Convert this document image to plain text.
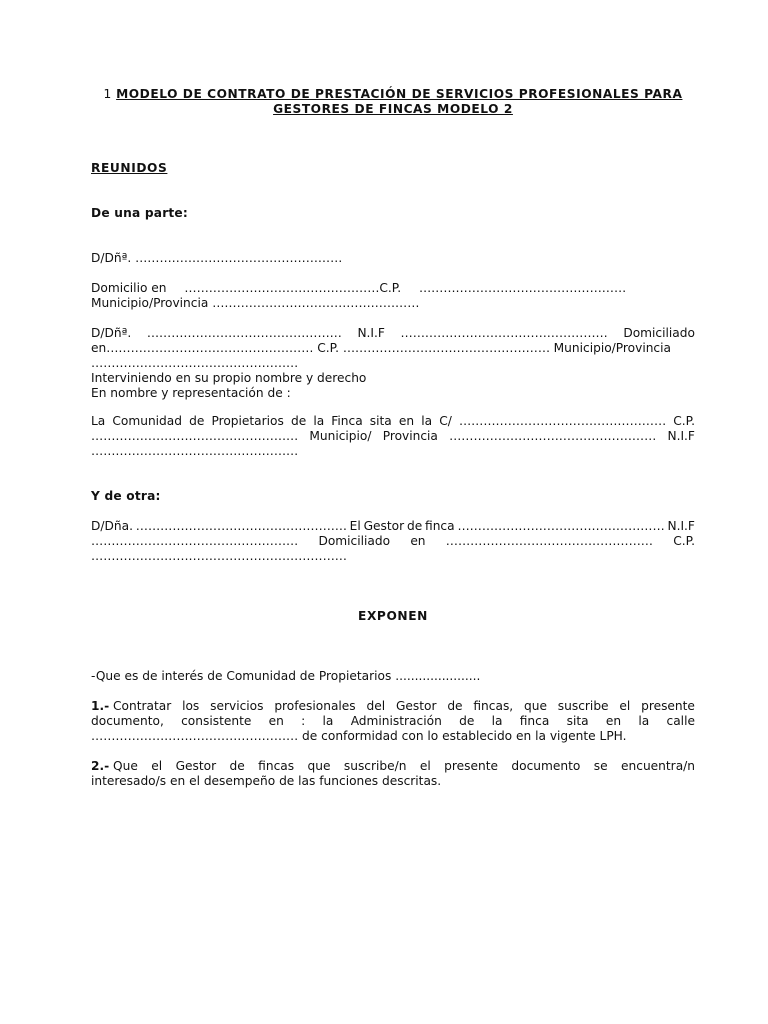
1 MODELO DE CONTRATO DE PRESTACIÓN DE SERVICIOS PROFESIONALES PARA
GESTORES DE FINCAS MODELO 2
REUNIDOS
De una parte:
D/Dñª. ……………………………………………
Domicilio en …………………………………………C.P. ……………………………………………
Municipio/Provincia ……………………………………………
D/Dñª. ………………………………………… N.I.F …………………………………………… Domiciliado
en…………………………………………… C.P. …………………………………………… Municipio/Provincia
……………………………………………
Interviniendo en su propio nombre y derecho
En nombre y representación de :
La Comunidad de Propietarios de la Finca sita en la C/ …………………………………………… C.P.
…………………………………………… Municipio/ Provincia …………………………………………… N.I.F
……………………………………………
Y de otra:
D/Dña. ……………………………………………. El Gestor de finca …………………………………………… N.I.F
…………………………………………… Domiciliado en …………………………………………… C.P.
………………………………………………………
EXPONEN
-Que es de interés de Comunidad de Propietarios ......................
1.- Contratar los servicios profesionales del Gestor de fincas, que suscribe el presente
documento, consistente en : la Administración de la finca sita en la calle
…………………………………………… de conformidad con lo establecido en la vigente LPH.
2.- Que el Gestor de fincas que suscribe/n el presente documento se encuentra/n
interesado/s en el desempeño de las funciones descritas.
